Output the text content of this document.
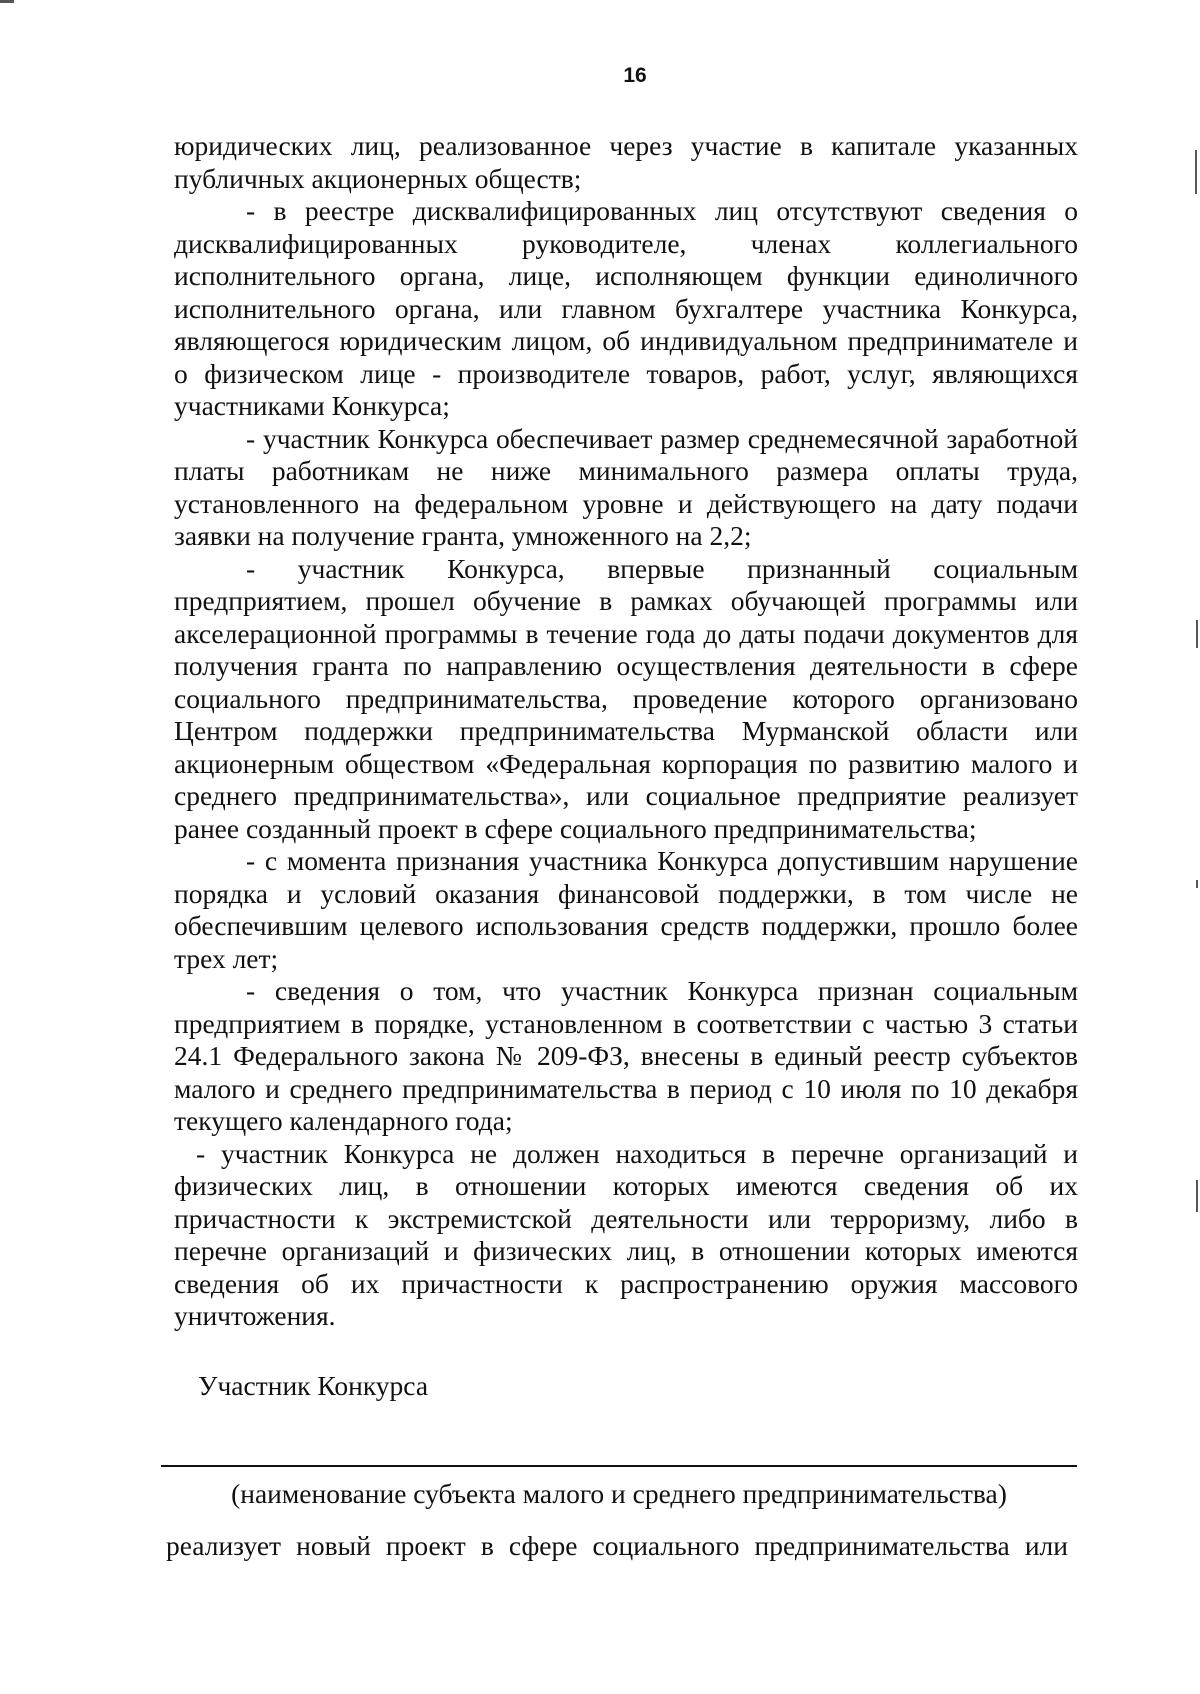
16

юридических лиц, реализованное через участие в капитале указанных публичных акционерных обществ;

- в реестре дисквалифицированных лиц отсутствуют сведения о дисквалифицированных руководителе, членах коллегиального исполнительного органа, лице, исполняющем функции единоличного исполнительного органа, или главном бухгалтере участника Конкурса, являющегося юридическим лицом, об индивидуальном предпринимателе и о физическом лице - производителе товаров, работ, услуг, являющихся участниками Конкурса;

- участник Конкурса обеспечивает размер среднемесячной заработной платы работникам не ниже минимального размера оплаты труда, установленного на федеральном уровне и действующего на дату подачи заявки на получение гранта, умноженного на 2,2;

- участник Конкурса, впервые признанный социальным предприятием, прошел обучение в рамках обучающей программы или акселерационной программы в течение года до даты подачи документов для получения гранта по направлению осуществления деятельности в сфере социального предпринимательства, проведение которого организовано Центром поддержки предпринимательства Мурманской области или акционерным обществом «Федеральная корпорация по развитию малого и среднего предпринимательства», или социальное предприятие реализует ранее созданный проект в сфере социального предпринимательства;

- с момента признания участника Конкурса допустившим нарушение порядка и условий оказания финансовой поддержки, в том числе не обеспечившим целевого использования средств поддержки, прошло более трех лет;

- сведения о том, что участник Конкурса признан социальным предприятием в порядке, установленном в соответствии с частью 3 статьи 24.1 Федерального закона № 209-ФЗ, внесены в единый реестр субъектов малого и среднего предпринимательства в период с 10 июля по 10 декабря текущего календарного года;

- участник Конкурса не должен находиться в перечне организаций и физических лиц, в отношении которых имеются сведения об их причастности к экстремистской деятельности или терроризму, либо в перечне организаций и физических лиц, в отношении которых имеются сведения об их причастности к распространению оружия массового уничтожения.

Участник Конкурса
(наименование субъекта малого и среднего предпринимательства)
реализует новый проект в сфере социального предпринимательства или
